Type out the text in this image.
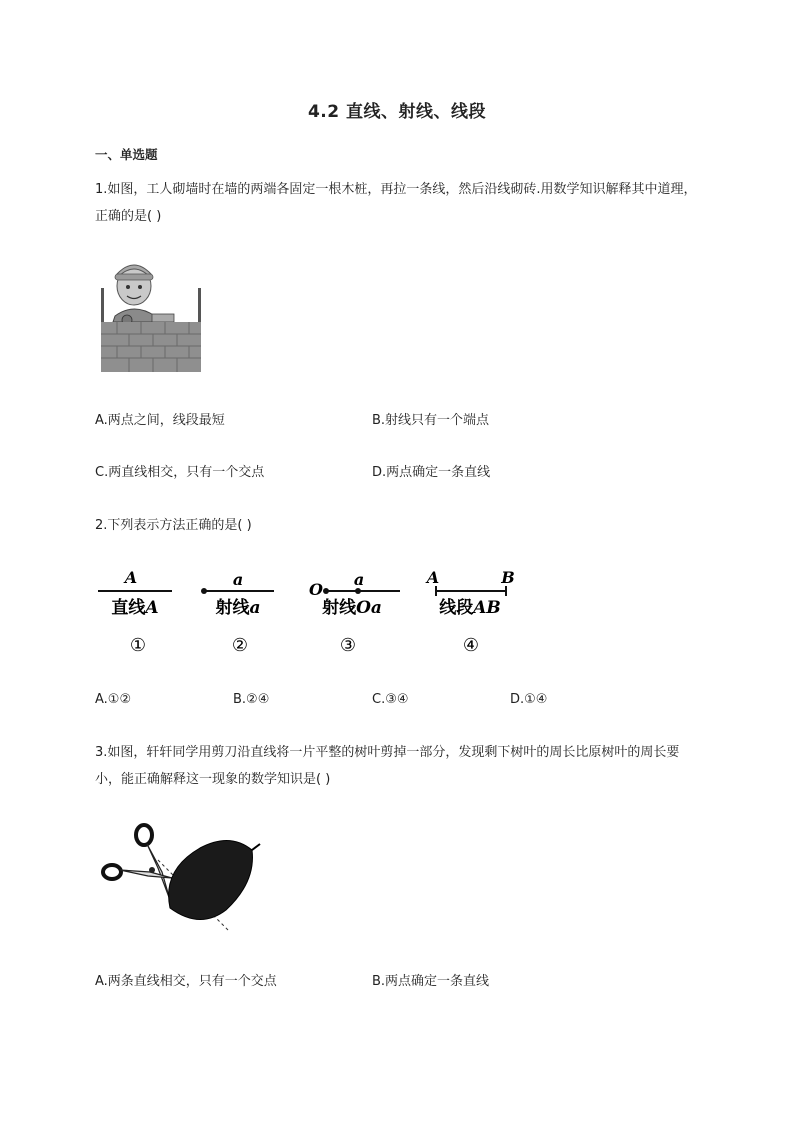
4.2 直线、射线、线段
一、单选题
1.如图，工人砌墙时在墙的两端各固定一根木桩，再拉一条线，然后沿线砌砖.用数学知识解释其中道理，正确的是( )
A.两点之间，线段最短	B.射线只有一个端点
C.两直线相交，只有一个交点	D.两点确定一条直线
2.下列表示方法正确的是( )
A
直线A
①
a
射线a
②
O
a
射线Oa
③
A	B
线段AB
④
A.①②	B.②④	C.③④	D.①④
3.如图，轩轩同学用剪刀沿直线将一片平整的树叶剪掉一部分，发现剩下树叶的周长比原树叶的周长要小，能正确解释这一现象的数学知识是( )
A.两条直线相交，只有一个交点	B.两点确定一条直线
